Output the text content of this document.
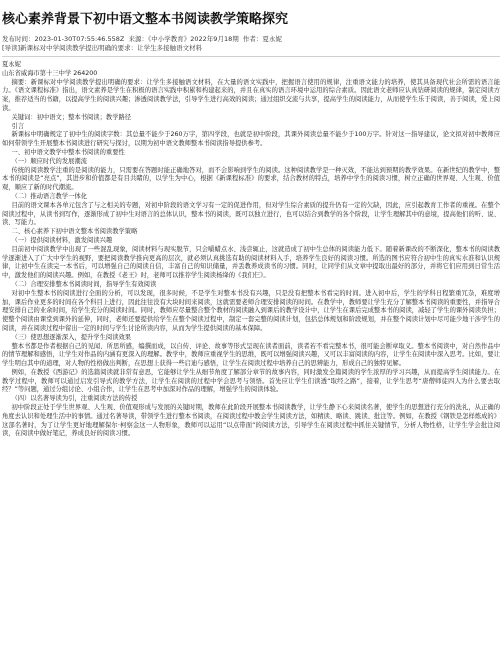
核心素养背景下初中语文整本书阅读教学策略探究
发布时间：2023-01-30T07:55:46.558Z 来源：《中小学教育》2022年9月18期 作者：夏永妮
[导读]新课标对中学阅读教学提出明确的要求：让学生多接触语文材料

夏永妮

山东省威海市第十三中学 264200

摘要：新课标对中学阅读教学提出明确的要求：让学生多接触语文材料，在大量的语文实践中，把握语言使用的规律，注重语文能力的培养，使其具备现代社会所需的语言能力。《语文课程标准》指出，语文素养是学生在积极的语言实践中积累和构建起来的，并且在真实的语言环境中运用的综合素质。因此语文老师应认真钻研阅读的规律，制定阅读方案，推荐适当的书籍，以提高学生的阅读兴趣；渗透阅读教学法，引导学生进行高效的阅读；通过组织交流与共享，提高学生的阅读能力，从而使学生乐于阅读，善于阅读，爱上阅读。

关键词：初中语文；整本书阅读；教学路径

引言

新课标中明确规定了初中生的阅读字数：其总量不能少于260万字，第四学段，也就是初中阶段，其课外阅读总量不能少于100万字。针对这一指导建议，论文拟对初中教师应如何带领学生开展整本书阅读进行研究与探讨，以期为初中语文教师整本书阅读指导提供参考。

一、初中语文教学中整本书阅读的重要性

（一）顺应时代的发展潮流

传统的阅读教学注重的是阅读的能力，只需要在答题时能正确地答对，而不会影响到学生的阅读。这种阅读教学是一种灭效，不能达到预期的教学效果。在新世纪的教学中，整本书的阅读是“亮点”，其进步和价值都是有目共睹的，以学生为中心，根据《新课程标准》的要求，结合教材的特点，培养中学生的阅读习惯，树立正确的世界观、人生观、价值观，顺应了新的时代潮流。

（二）推动语言教学一体化

目前的语文课本各单元包含了与之相关的专题，对初中阶段的语文学习有一定的促进作用，但对学生综合素质的提升仍有一定的欠缺，因此，应引起教育工作者的重视。在整个阅读过程中，从读书到写作，逐渐形成了初中生对语言的总体认识，整本书的阅读，既可以独立进行，也可以结合到教学的各个阶段，让学生理解其中的意境，提高他们的听、说、读、写能力。

二、核心素养下初中语文整本书阅读教学策略

（一）提供阅读材料，激发阅读兴趣

目前初中阅读教学中出现了一些混乱现象，阅读材料与现实脱节，只会嚼蜡点水、浅尝辄止，这就造成了初中生总体的阅读能力低下。随着新课改的不断深化，整本书的阅读教学逐渐进入了广大中学生的视野，要把阅读教学推向更高的层次，就必须认真挑选有助的阅读材料入手，培养学生良好的阅读习惯。所选的图书应符合初中生的真实水准和认识规律，让初中生在读完一本书后，可以增强自己的阅读自信，丰富自己的知识储量，并丢教养成读书的习惯。同时，让同学们从文章中提取出最好的部分，并将它们应用到日常生活中，激发他们的阅读兴趣。例如，在教授《老王》时，老师可以推荐学生阅读杨绛的《我们仨》。

（二）合理安排整本书阅读时间，指导学生有效阅读

对初中生整本书的阅读进行全面的分析，可以发现，很多时候，不是学生对整本书没有兴趣，只是没有把整本书看完的时间。进入初中后，学生的学科日程繁重冗杂，难度增加，课后作业更多的时间在各个科目上进行，因此往往没有大块时间来阅读，这就需要老师合理安排阅读的时间。在教学中，教师要让学生充分了解整本书阅读的重要性，并指导合理安排自己的业余时间，给学生充分的阅读时间。同时，教师应尽量整合整个教材的阅读融入到课后的教学设计中，让学生在课后完成整本书的阅读，减轻了学生的课外阅读负担；使整个阅读由课堂到课外的延伸，同时，老师还要提供给学生在整个阅读过程中，制定一套完整的阅读计划，包括总体规划和阶段规划，并在整个阅读计划中尽可能少地干涉学生的阅读，并在阅读过程中留出一定的时间与学生讨论所读内容，从而为学生提供阅读的基本保障。

（三）使思想逐渐深入，提升学生阅读效果

整本书都是作者根据自己的见闻、所思所感，编撰而成，以自传、评论、故事等形式呈现在读者面前，读者若不看完整本书，很可能会断章取义。整本书阅读中，对自然作品中的情节理解和感悟，让学生对作品的内涵有更深入的理解。教学中，教师应重视学生的思维，既可以增强阅读兴趣，又可以丰富阅读的内容，让学生在阅读中深入思考。比如，要让学生明白其中的道理，对人物的性格做出判断，在思想上获得一些启迪与感悟，让学生在阅读过程中培养自己的思辨能力，形成自己的独特见解。

例如，在教授《西游记》的选篇阅读就非常有意思，它能够让学生从细节角度了解部分章节的故事内容，同时激发全篇阅读的学生浓厚的学习兴趣，从而提高学生阅读能力。在教学过程中，教师可以通过启发引导式的教学方法，让学生在阅读的过程中学会思考与领悟。首先应让学生们读透“取经之路”，接着，让学生思考“唐僧师徒四人为什么要去取经？”等问题，通过分组讨论、小组合作，让学生在思考中加深对作品的理解，增强学生的阅读体验。

（四）以名著导读为引，注重阅读方法的传授

初中阶段正处于学生世界观、人生观、价值观形成与发展的关键时期，教师在此阶段开展整本书阅读教学，让学生静下心来阅读名著，使学生的思想进行充分的洗礼，从正确的角度去认识和处理生活中的事情。通过名著导读，带领学生进行整本书阅读，在阅读过程中教会学生阅读方法，如精读、略读、跳读、批注等。例如，在教授《钢铁是怎样炼成的》这部名著时，为了让学生更好地理解保尔·柯察金这一人物形象，教师可以运用“以点带面”的阅读方法，引导学生在阅读过程中抓住关键情节，分析人物性格，让学生学会批注阅读，在阅读中做好笔记，养成良好的阅读习惯。
